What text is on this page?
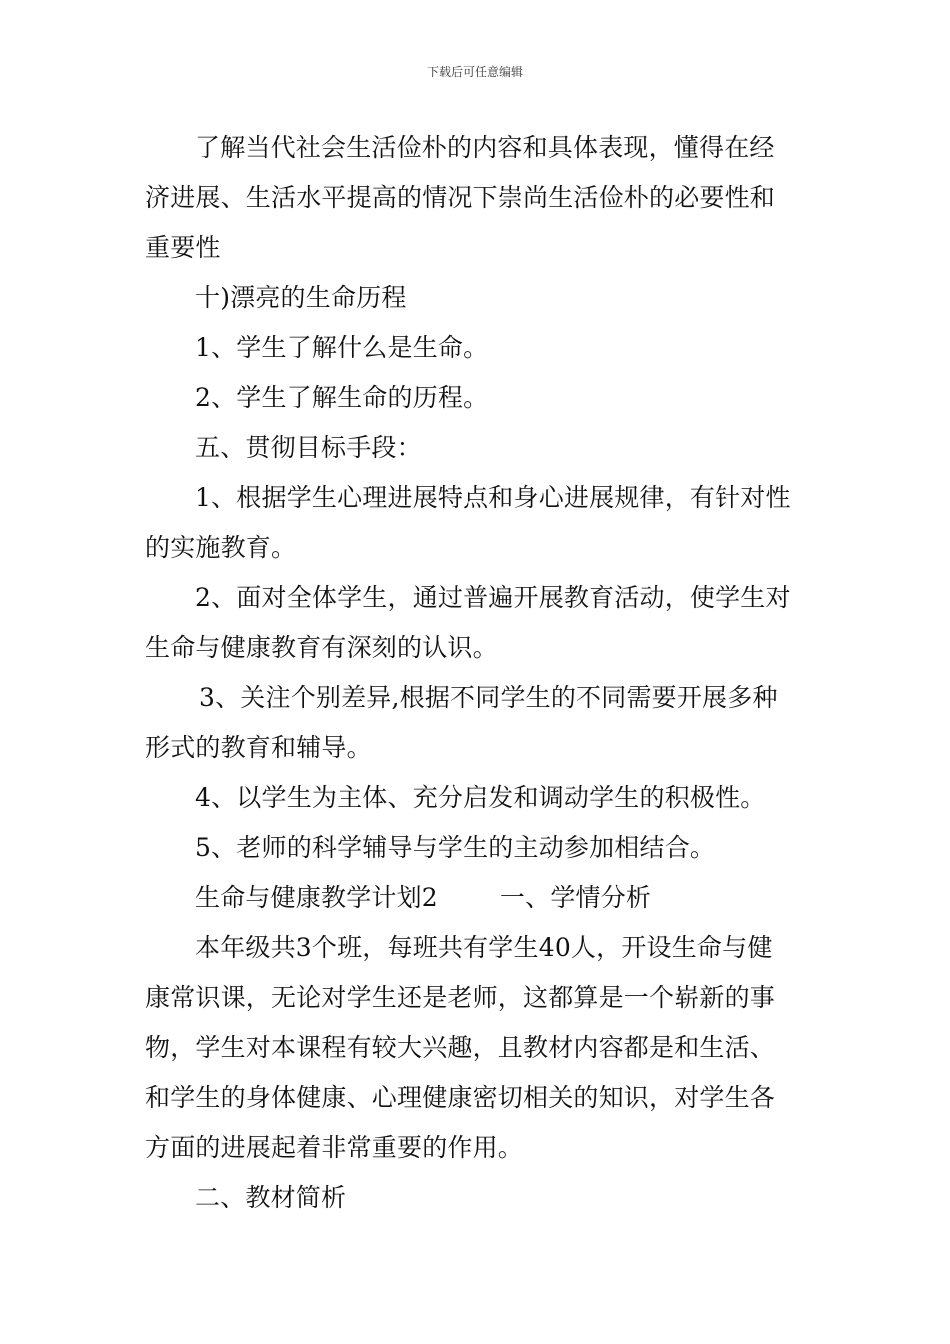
下载后可任意编辑
了解当代社会生活俭朴的内容和具体表现，懂得在经
济进展、生活水平提高的情况下崇尚生活俭朴的必要性和
重要性
十)漂亮的生命历程
1、学生了解什么是生命。
2、学生了解生命的历程。
五、贯彻目标手段：
1、根据学生心理进展特点和身心进展规律，有针对性
的实施教育。
2、面对全体学生，通过普遍开展教育活动，使学生对
生命与健康教育有深刻的认识。
3、关注个别差异,根据不同学生的不同需要开展多种
形式的教育和辅导。
4、以学生为主体、充分启发和调动学生的积极性。
5、老师的科学辅导与学生的主动参加相结合。
生命与健康教学计划2 一、学情分析
本年级共3个班，每班共有学生40人，开设生命与健
康常识课，无论对学生还是老师，这都算是一个崭新的事
物，学生对本课程有较大兴趣，且教材内容都是和生活、
和学生的身体健康、心理健康密切相关的知识，对学生各
方面的进展起着非常重要的作用。
二、教材简析
